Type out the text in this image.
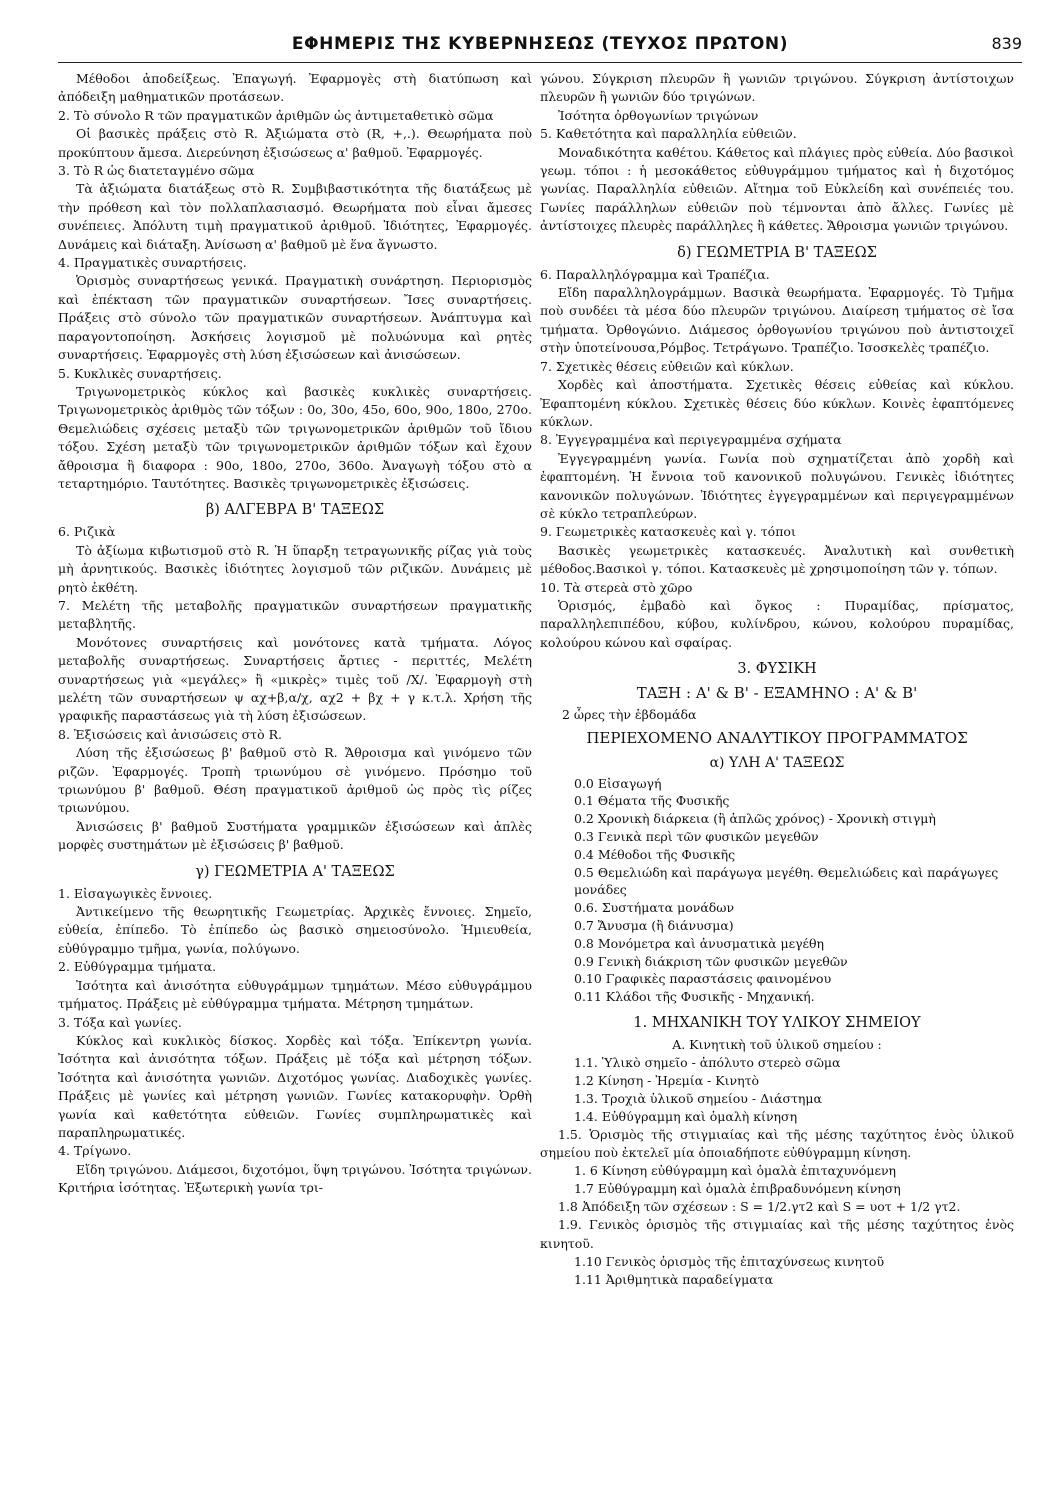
ΕΦΗΜΕΡΙΣ ΤΗΣ ΚΥΒΕΡΝΗΣΕΩΣ (ΤΕΥΧΟΣ ΠΡΩΤΟΝ)	839

Μέθοδοι ἀποδείξεως. Ἐπαγωγή. Ἐφαρμογὲς στὴ διατύπωση καὶ ἀπόδειξη μαθηματικῶν προτάσεων.

2. Τὸ σύνολο R τῶν πραγματικῶν ἀριθμῶν ὡς ἀντιμεταθετικὸ σῶμα

Οἱ βασικὲς πράξεις στὸ R. Ἀξιώματα στὸ (R, +,.). Θεωρήματα ποὺ προκύπτουν ἄμεσα. Διερεύνηση ἐξισώσεως α' βαθμοῦ. Ἐφαρμογές.

3. Τὸ R ὡς διατεταγμένο σῶμα

Τὰ ἀξιώματα διατάξεως στὸ R. Συμβιβαστικότητα τῆς διατάξεως μὲ τὴν πρόθεση καὶ τὸν πολλαπλασιασμό. Θεωρήματα ποὺ εἶναι ἄμεσες συνέπειες. Ἀπόλυτη τιμὴ πραγματικοῦ ἀριθμοῦ. Ἰδιότητες, Ἐφαρμογές. Δυνάμεις καὶ διάταξη. Ἀνίσωση α' βαθμοῦ μὲ ἕνα ἄγνωστο.

4. Πραγματικὲς συναρτήσεις.

Ὁρισμὸς συναρτήσεως γενικά. Πραγματικὴ συνάρτηση. Περιορισμὸς καὶ ἐπέκταση τῶν πραγματικῶν συναρτήσεων. Ἴσες συναρτήσεις. Πράξεις στὸ σύνολο τῶν πραγματικῶν συναρτήσεων. Ἀνάπτυγμα καὶ παραγοντοποίηση. Ἀσκήσεις λογισμοῦ μὲ πολυώνυμα καὶ ρητὲς συναρτήσεις. Ἐφαρμογὲς στὴ λύση ἐξισώσεων καὶ ἀνισώσεων.

5. Κυκλικὲς συναρτήσεις.

Τριγωνομετρικὸς κύκλος καὶ βασικὲς κυκλικὲς συναρτήσεις. Τριγωνομετρικὸς ἀριθμὸς τῶν τόξων : 0ο, 30ο, 45ο, 60ο, 90ο, 180ο, 270ο. Θεμελιώδεις σχέσεις μεταξὺ τῶν τριγωνομετρικῶν ἀριθμῶν τοῦ ἴδιου τόξου. Σχέση μεταξὺ τῶν τριγωνομετρικῶν ἀριθμῶν τόξων καὶ ἔχουν ἄθροισμα ἢ διαφορα : 90ο, 180ο, 270ο, 360ο. Ἀναγωγὴ τόξου στὸ α τεταρτημόριο. Ταυτότητες. Βασικὲς τριγωνομετρικὲς ἐξισώσεις.

β) ΑΛΓΕΒΡΑ Β' ΤΑΞΕΩΣ

6. Ριζικὰ

Τὸ ἀξίωμα κιβωτισμοῦ στὸ R. Ἡ ὕπαρξη τετραγωνικῆς ρίζας γιὰ τοὺς μὴ ἀρνητικούς. Βασικὲς ἰδιότητες λογισμοῦ τῶν ριζικῶν. Δυνάμεις μὲ ρητὸ ἐκθέτη.

7. Μελέτη τῆς μεταβολῆς πραγματικῶν συναρτήσεων πραγματικῆς μεταβλητῆς.

Μονότονες συναρτήσεις καὶ μονότονες κατὰ τμήματα. Λόγος μεταβολῆς συναρτήσεως. Συναρτήσεις ἄρτιες - περιττές, Μελέτη συναρτήσεως γιὰ «μεγάλες» ἢ «μικρὲς» τιμὲς τοῦ /X/. Ἐφαρμογὴ στὴ μελέτη τῶν συναρτήσεων ψ αχ+β,α/χ, αχ2 + βχ + γ κ.τ.λ. Χρήση τῆς γραφικῆς παραστάσεως γιὰ τὴ λύση ἐξισώσεων.

8. Ἐξισώσεις καὶ ἀνισώσεις στὸ R.

Λύση τῆς ἐξισώσεως β' βαθμοῦ στὸ R. Ἄθροισμα καὶ γινόμενο τῶν ριζῶν. Ἐφαρμογές. Τροπὴ τριωνύμου σὲ γινόμενο. Πρόσημο τοῦ τριωνύμου β' βαθμοῦ. Θέση πραγματικοῦ ἀριθμοῦ ὡς πρὸς τὶς ρίζες τριωνύμου.

Ἀνισώσεις β' βαθμοῦ Συστήματα γραμμικῶν ἐξισώσεων καὶ ἁπλὲς μορφὲς συστημάτων μὲ ἐξισώσεις β' βαθμοῦ.

γ) ΓΕΩΜΕΤΡΙΑ Α' ΤΑΞΕΩΣ

1. Εἰσαγωγικὲς ἔννοιες.

Ἀντικείμενο τῆς θεωρητικῆς Γεωμετρίας. Ἀρχικὲς ἔννοιες. Σημεῖο, εὐθεία, ἐπίπεδο. Τὸ ἐπίπεδο ὡς βασικὸ σημειοσύνολο. Ἡμιευθεία, εὐθύγραμμο τμῆμα, γωνία, πολύγωνο.

2. Εὐθύγραμμα τμήματα.

Ἰσότητα καὶ ἀνισότητα εὐθυγράμμων τμημάτων. Μέσο εὐθυγράμμου τμήματος. Πράξεις μὲ εὐθύγραμμα τμήματα. Μέτρηση τμημάτων.

3. Τόξα καὶ γωνίες.

Κύκλος καὶ κυκλικὸς δίσκος. Χορδὲς καὶ τόξα. Ἐπίκεντρη γωνία. Ἰσότητα καὶ ἀνισότητα τόξων. Πράξεις μὲ τόξα καὶ μέτρηση τόξων. Ἰσότητα καὶ ἀνισότητα γωνιῶν. Διχοτόμος γωνίας. Διαδοχικὲς γωνίες. Πράξεις μὲ γωνίες καὶ μέτρηση γωνιῶν. Γωνίες κατακορυφὴν. Ὀρθὴ γωνία καὶ καθετότητα εὐθειῶν. Γωνίες συμπληρωματικὲς καὶ παραπληρωματικές.

4. Τρίγωνο.

Εἴδη τριγώνου. Διάμεσοι, διχοτόμοι, ὕψη τριγώνου. Ἰσότητα τριγώνων. Κριτήρια ἰσότητας. Ἐξωτερικὴ γωνία τρι-

γώνου. Σύγκριση πλευρῶν ἢ γωνιῶν τριγώνου. Σύγκριση ἀντίστοιχων πλευρῶν ἢ γωνιῶν δύο τριγώνων.

Ἰσότητα ὀρθογωνίων τριγώνων

5. Καθετότητα καὶ παραλληλία εὐθειῶν.

Μοναδικότητα καθέτου. Κάθετος καὶ πλάγιες πρὸς εὐθεία. Δύο βασικοὶ γεωμ. τόποι : ἡ μεσοκάθετος εὐθυγράμμου τμήματος καὶ ἡ διχοτόμος γωνίας. Παραλληλία εὐθειῶν. Αἴτημα τοῦ Εὐκλείδη καὶ συνέπειές του. Γωνίες παράλληλων εὐθειῶν ποὺ τέμνονται ἀπὸ ἄλλες. Γωνίες μὲ ἀντίστοιχες πλευρὲς παράλληλες ἢ κάθετες. Ἄθροισμα γωνιῶν τριγώνου.

δ) ΓΕΩΜΕΤΡΙΑ Β' ΤΑΞΕΩΣ

6. Παραλληλόγραμμα καὶ Τραπέζια.

Εἴδη παραλληλογράμμων. Βασικὰ θεωρήματα. Ἐφαρμογές. Τὸ Τμῆμα ποὺ συνδέει τὰ μέσα δύο πλευρῶν τριγώνου. Διαίρεση τμήματος σὲ ἴσα τμήματα. Ὀρθογώνιο. Διάμεσος ὀρθογωνίου τριγώνου ποὺ ἀντιστοιχεῖ στὴν ὑποτείνουσα,Ρόμβος. Τετράγωνο. Τραπέζιο. Ἰσοσκελὲς τραπέζιο.

7. Σχετικὲς θέσεις εὐθειῶν καὶ κύκλων.

Χορδὲς καὶ ἀποστήματα. Σχετικὲς θέσεις εὐθείας καὶ κύκλου. Ἐφαπτομένη κύκλου. Σχετικὲς θέσεις δύο κύκλων. Κοινὲς ἐφαπτόμενες κύκλων.

8. Ἐγγεγραμμένα καὶ περιγεγραμμένα σχήματα

Ἐγγεγραμμένη γωνία. Γωνία ποὺ σχηματίζεται ἀπὸ χορδὴ καὶ ἐφαπτομένη. Ἡ ἔννοια τοῦ κανονικοῦ πολυγώνου. Γενικὲς ἰδιότητες κανονικῶν πολυγώνων. Ἰδιότητες ἐγγεγραμμένων καὶ περιγεγραμμένων σὲ κύκλο τετραπλεύρων.

9. Γεωμετρικὲς κατασκευὲς καὶ γ. τόποι

Βασικὲς γεωμετρικὲς κατασκευές. Ἀναλυτικὴ καὶ συνθετικὴ μέθοδος.Βασικοὶ γ. τόποι. Κατασκευὲς μὲ χρησιμοποίηση τῶν γ. τόπων.

10. Τὰ στερεὰ στὸ χῶρο

Ὁρισμός, ἐμβαδὸ καὶ ὄγκος : Πυραμίδας, πρίσματος, παραλληλεπιπέδου, κύβου, κυλίνδρου, κώνου, κολούρου πυραμίδας, κολούρου κώνου καὶ σφαίρας.

3. ΦΥΣΙΚΗ

ΤΑΞΗ : Α' & Β' - ΕΞΑΜΗΝΟ : Α' & Β'

2 ὧρες τὴν ἑβδομάδα

ΠΕΡΙΕΧΟΜΕΝΟ ΑΝΑΛΥΤΙΚΟΥ ΠΡΟΓΡΑΜΜΑΤΟΣ

α) ΥΛΗ Α' ΤΑΞΕΩΣ

0.0 Εἰσαγωγή

0.1 Θέματα τῆς Φυσικῆς

0.2 Χρονικὴ διάρκεια (ἢ ἁπλῶς χρόνος) - Χρονικὴ στιγμὴ

0.3 Γενικὰ περὶ τῶν φυσικῶν μεγεθῶν

0.4 Μέθοδοι τῆς Φυσικῆς

0.5 Θεμελιώδη καὶ παράγωγα μεγέθη. Θεμελιώδεις καὶ παράγωγες μονάδες

0.6. Συστήματα μονάδων

0.7 Ἄνυσμα (ἢ διάνυσμα)

0.8 Μονόμετρα καὶ ἀνυσματικὰ μεγέθη

0.9 Γενικὴ διάκριση τῶν φυσικῶν μεγεθῶν

0.10 Γραφικὲς παραστάσεις φαινομένου

0.11 Κλάδοι τῆς Φυσικῆς - Μηχανική.

1. ΜΗΧΑΝΙΚΗ ΤΟΥ ΥΛΙΚΟΥ ΣΗΜΕΙΟΥ

Α. Κινητικὴ τοῦ ὑλικοῦ σημείου :

1.1. Ὑλικὸ σημεῖο - ἀπόλυτο στερεὸ σῶμα

1.2 Κίνηση - Ἠρεμία - Κινητὸ

1.3. Τροχιὰ ὑλικοῦ σημείου - Διάστημα

1.4. Εὐθύγραμμη καὶ ὁμαλὴ κίνηση

1.5. Ὁρισμὸς τῆς στιγμιαίας καὶ τῆς μέσης ταχύτητος ἑνὸς ὑλικοῦ σημείου ποὺ ἐκτελεῖ μία ὁποιαδήποτε εὐθύγραμμη κίνηση.

1. 6 Κίνηση εὐθύγραμμη καὶ ὁμαλὰ ἐπιταχυνόμενη

1.7 Εὐθύγραμμη καὶ ὁμαλὰ ἐπιβραδυνόμενη κίνηση

1.8 Ἀπόδειξη τῶν σχέσεων : S = 1/2.γτ2 καὶ S = υοτ + 1/2 γτ2.

1.9. Γενικὸς ὁρισμὸς τῆς στιγμιαίας καὶ τῆς μέσης ταχύτητος ἑνὸς κινητοῦ.

1.10 Γενικὸς ὁρισμὸς τῆς ἐπιταχύνσεως κινητοῦ

1.11 Ἀριθμητικὰ παραδείγματα
